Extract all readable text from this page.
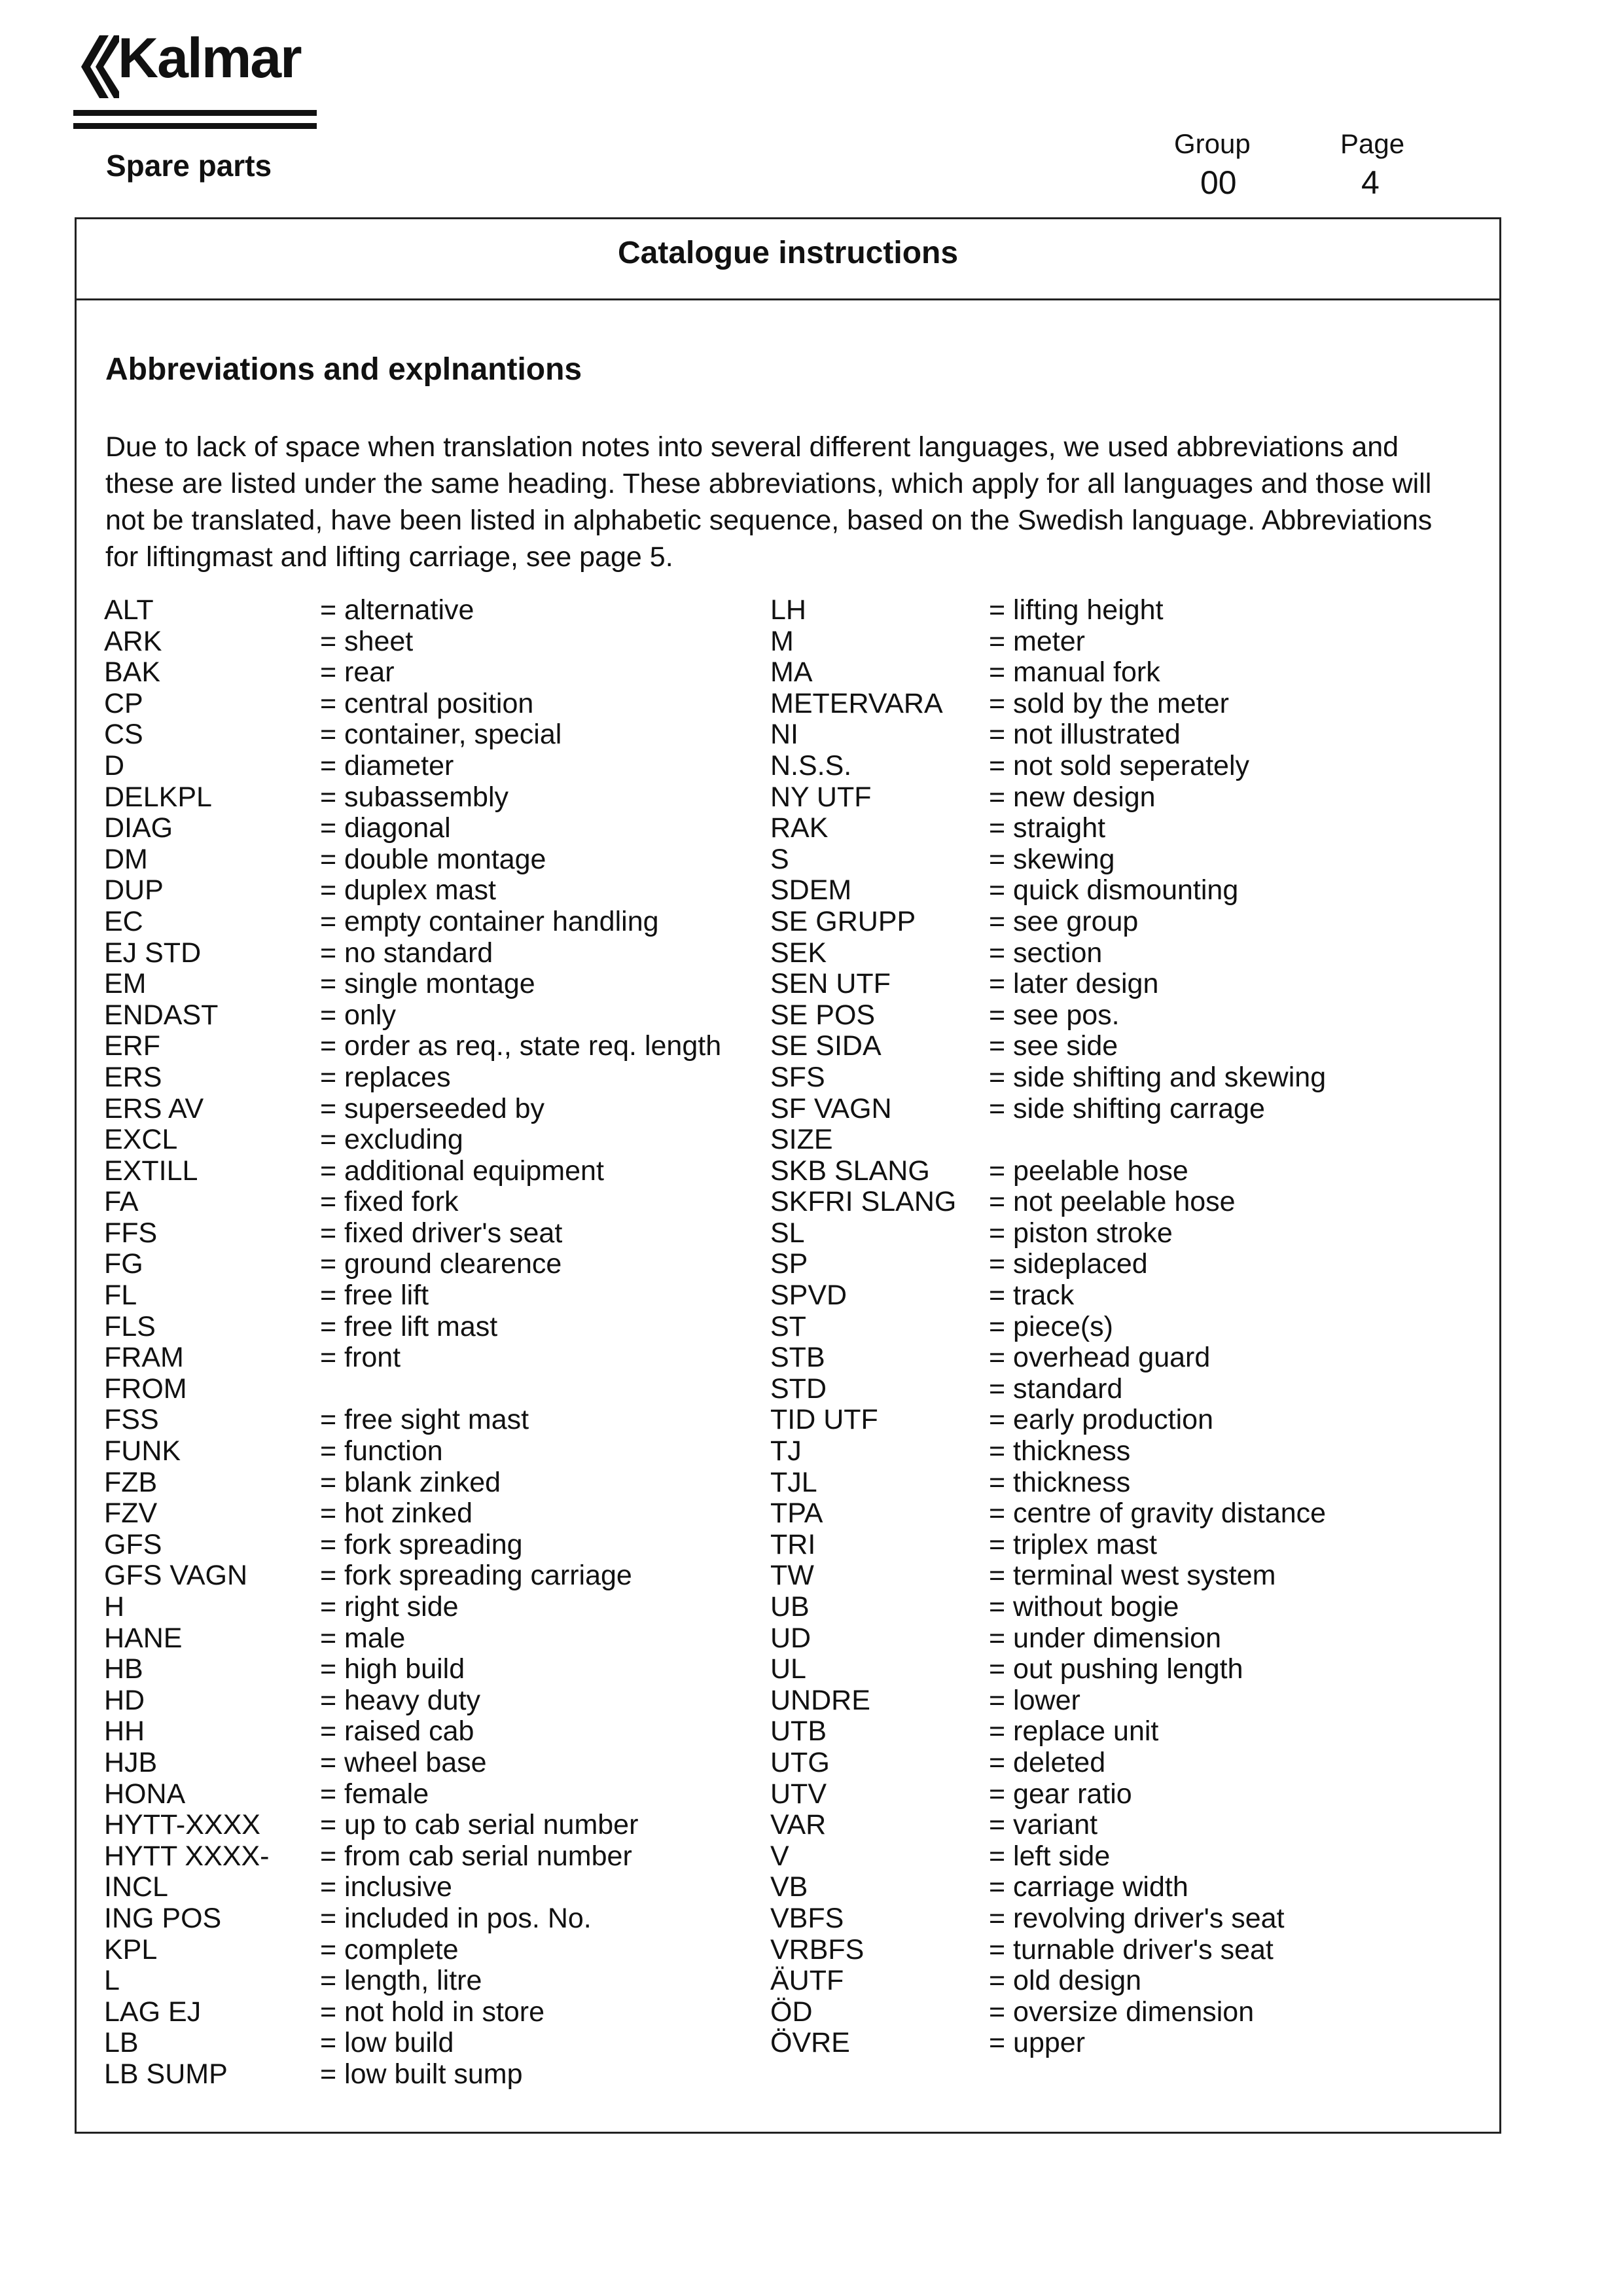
Kalmar
Spare parts
Group
00
Page
4
Catalogue instructions
Abbreviations and explnantions
Due to lack of space when translation notes into several different languages, we used abbreviations and these are listed under the same heading. These abbreviations, which apply for all languages and those will not be translated, have been listed in alphabetic sequence, based on the Swedish language. Abbreviations for liftingmast and lifting carriage, see page 5.
ALT	= alternative
ARK	= sheet
BAK	= rear
CP	= central position
CS	= container, special
D	= diameter
DELKPL	= subassembly
DIAG	= diagonal
DM	= double montage
DUP	= duplex mast
EC	= empty container handling
EJ STD	= no standard
EM	= single montage
ENDAST	= only
ERF	= order as req., state req. length
ERS	= replaces
ERS AV	= superseeded by
EXCL	= excluding
EXTILL	= additional equipment
FA	= fixed fork
FFS	= fixed driver's seat
FG	= ground clearence
FL	= free lift
FLS	= free lift mast
FRAM	= front
FROM
FSS	= free sight mast
FUNK	= function
FZB	= blank zinked
FZV	= hot zinked
GFS	= fork spreading
GFS VAGN	= fork spreading carriage
H	= right side
HANE	= male
HB	= high build
HD	= heavy duty
HH	= raised cab
HJB	= wheel base
HONA	= female
HYTT-XXXX = up to cab serial number
HYTT XXXX- = from cab serial number
INCL	= inclusive
ING POS	= included in pos. No.
KPL	= complete
L	= length, litre
LAG EJ	= not hold in store
LB	= low build
LB SUMP	= low built sump
LH	= lifting height
M	= meter
MA	= manual fork
METERVARA = sold by the meter
NI	= not illustrated
N.S.S.	= not sold seperately
NY UTF	= new design
RAK	= straight
S	= skewing
SDEM	= quick dismounting
SE GRUPP	= see group
SEK	= section
SEN UTF	= later design
SE POS	= see pos.
SE SIDA	= see side
SFS	= side shifting and skewing
SF VAGN	= side shifting carrage
SIZE
SKB SLANG = peelable hose
SKFRI SLANG = not peelable hose
SL	= piston stroke
SP	= sideplaced
SPVD	= track
ST	= piece(s)
STB	= overhead guard
STD	= standard
TID UTF	= early production
TJ	= thickness
TJL	= thickness
TPA	= centre of gravity distance
TRI	= triplex mast
TW	= terminal west system
UB	= without bogie
UD	= under dimension
UL	= out pushing length
UNDRE	= lower
UTB	= replace unit
UTG	= deleted
UTV	= gear ratio
VAR	= variant
V	= left side
VB	= carriage width
VBFS	= revolving driver's seat
VRBFS	= turnable driver's seat
ÄUTF	= old design
ÖD	= oversize dimension
ÖVRE	= upper
